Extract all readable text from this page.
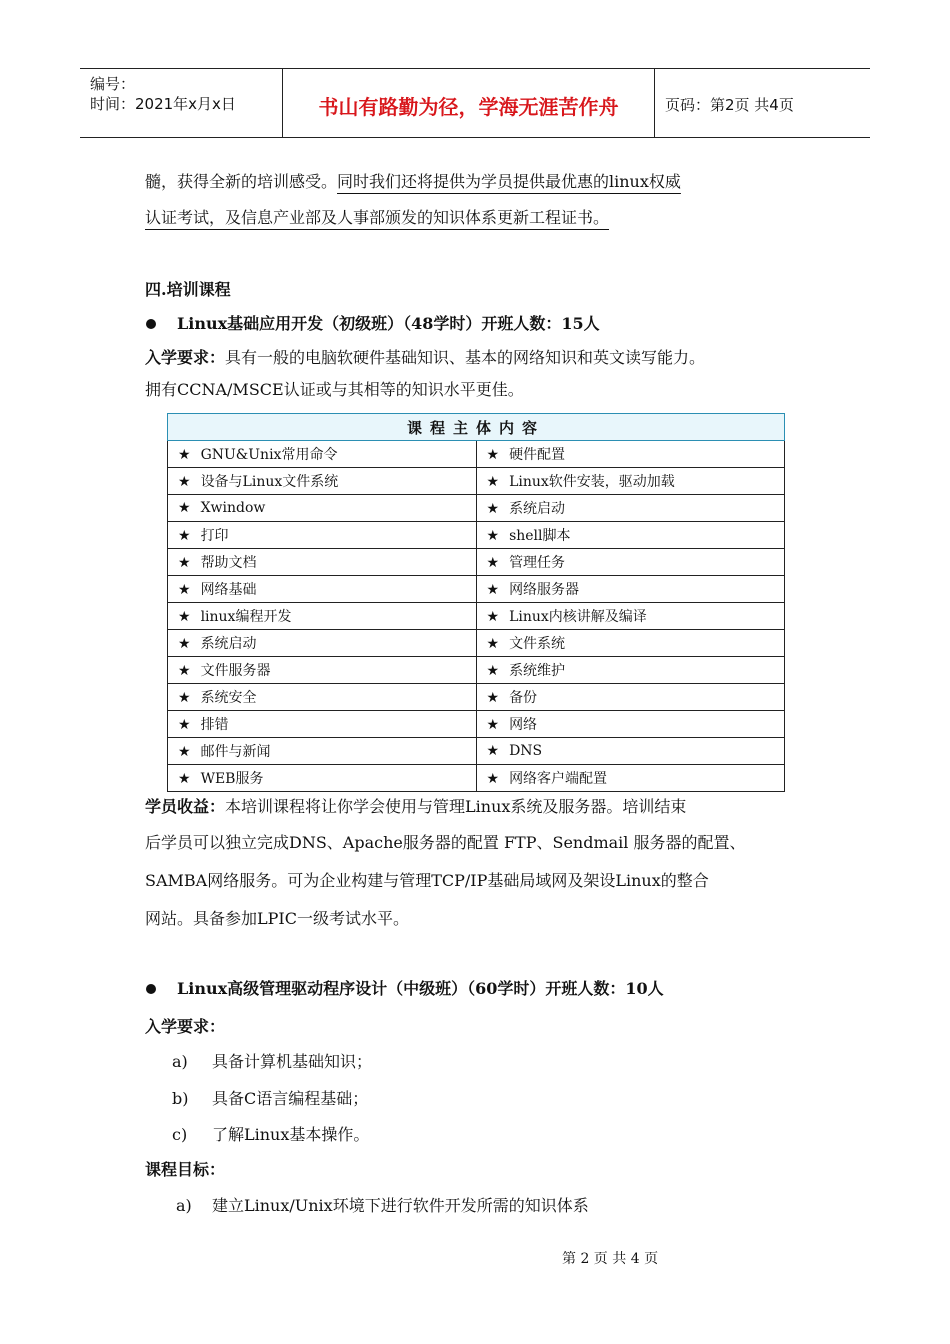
编号：
时间：2021年x月x日	书山有路勤为径，学海无涯苦作舟	页码：第2页 共4页
髓，获得全新的培训感受。同时我们还将提供为学员提供最优惠的linux权威
认证考试，及信息产业部及人事部颁发的知识体系更新工程证书。
四.培训课程
Linux基础应用开发（初级班）（48学时）开班人数：15人
入学要求：具有一般的电脑软硬件基础知识、基本的网络知识和英文读写能力。
拥有CCNA/MSCE认证或与其相等的知识水平更佳。
课程主体内容	
★ GNU&Unix常用命令	★ 硬件配置
★ 设备与Linux文件系统	★ Linux软件安装，驱动加载
★ Xwindow	★ 系统启动
★ 打印	★ shell脚本
★ 帮助文档	★ 管理任务
★ 网络基础	★ 网络服务器
★ linux编程开发	★ Linux内核讲解及编译
★ 系统启动	★ 文件系统
★ 文件服务器	★ 系统维护
★ 系统安全	★ 备份
★ 排错	★ 网络
★ 邮件与新闻	★ DNS
★ WEB服务	★ 网络客户端配置
学员收益：本培训课程将让你学会使用与管理Linux系统及服务器。培训结束
后学员可以独立完成DNS、Apache服务器的配置 FTP、Sendmail 服务器的配置、
SAMBA网络服务。可为企业构建与管理TCP/IP基础局域网及架设Linux的整合
网站。具备参加LPIC一级考试水平。
Linux高级管理驱动程序设计（中级班）（60学时）开班人数：10人
入学要求：
a) 具备计算机基础知识；
b) 具备C语言编程基础；
c) 了解Linux基本操作。
课程目标：
a) 建立Linux/Unix环境下进行软件开发所需的知识体系
第 2 页 共 4 页
